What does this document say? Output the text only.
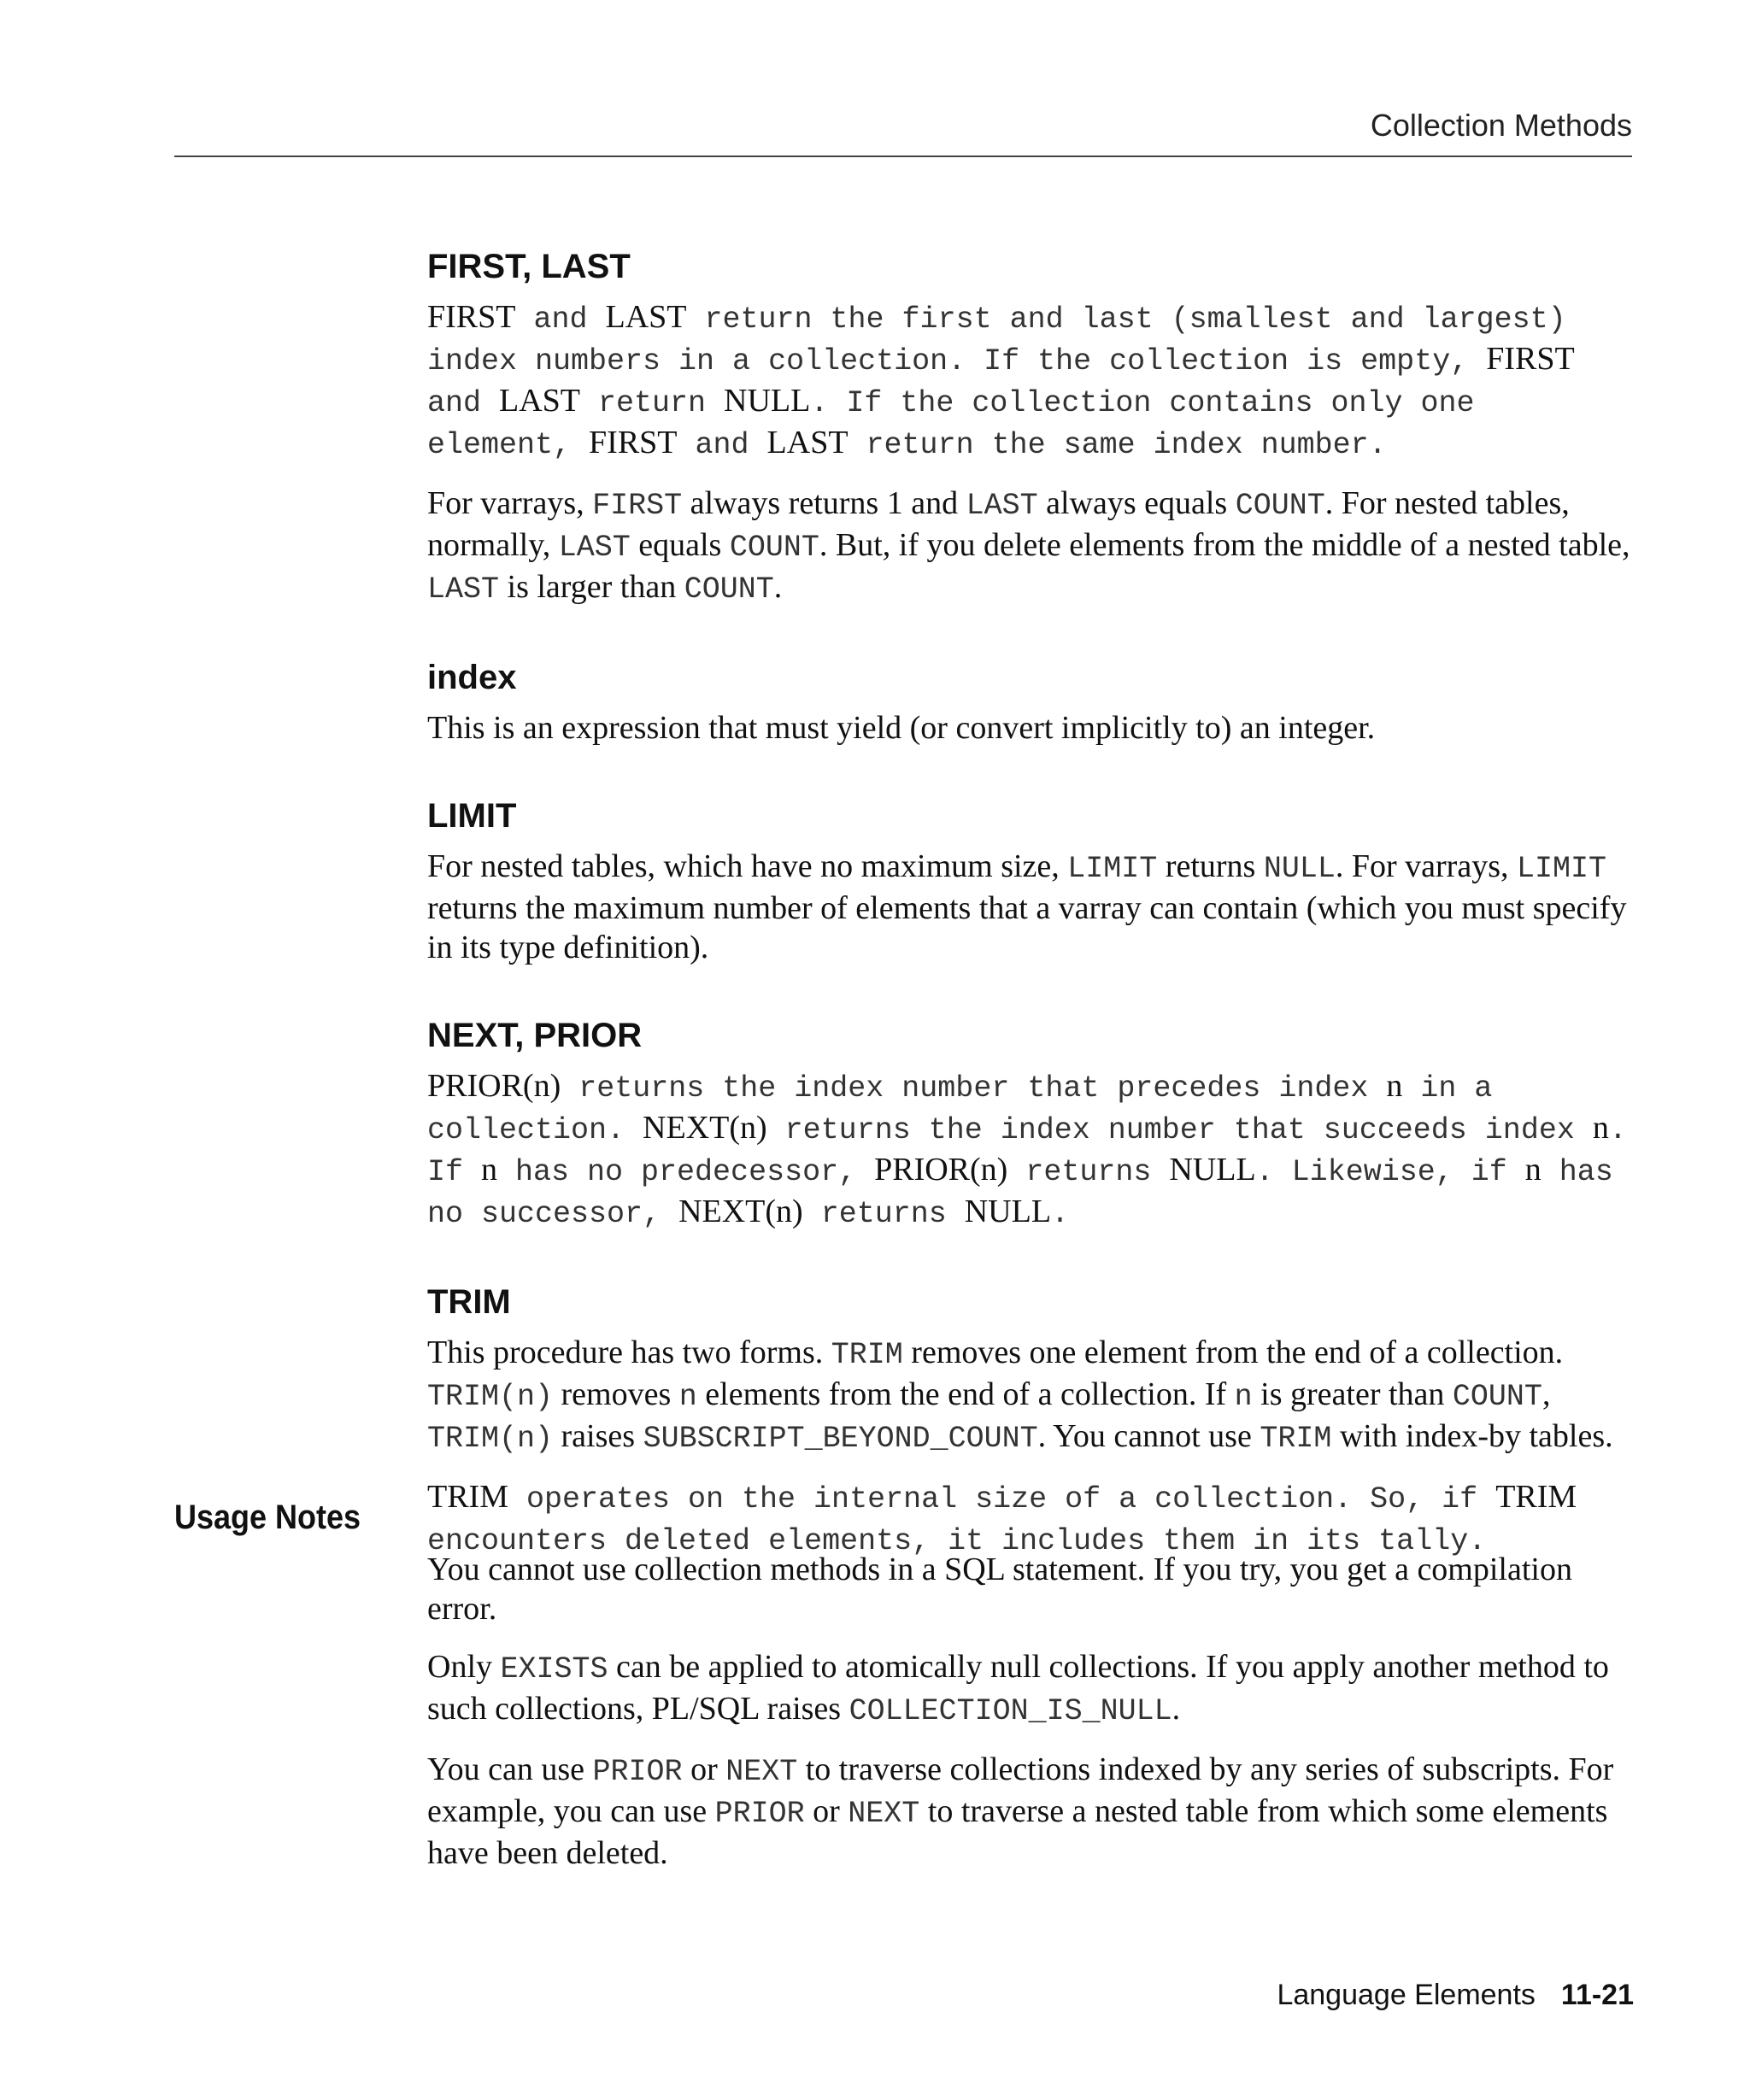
Collection Methods
FIRST, LAST

FIRST and LAST return the first and last (smallest and largest) index numbers in a collection. If the collection is empty, FIRST and LAST return NULL. If the collection contains only one element, FIRST and LAST return the same index number.

For varrays, FIRST always returns 1 and LAST always equals COUNT. For nested tables, normally, LAST equals COUNT. But, if you delete elements from the middle of a nested table, LAST is larger than COUNT.

index

This is an expression that must yield (or convert implicitly to) an integer.

LIMIT

For nested tables, which have no maximum size, LIMIT returns NULL. For varrays, LIMIT returns the maximum number of elements that a varray can contain (which you must specify in its type definition).

NEXT, PRIOR

PRIOR(n) returns the index number that precedes index n in a collection. NEXT(n) returns the index number that succeeds index n. If n has no predecessor, PRIOR(n) returns NULL. Likewise, if n has no successor, NEXT(n) returns NULL.

TRIM

This procedure has two forms. TRIM removes one element from the end of a collection. TRIM(n) removes n elements from the end of a collection. If n is greater than COUNT, TRIM(n) raises SUBSCRIPT_BEYOND_COUNT. You cannot use TRIM with index-by tables.

TRIM operates on the internal size of a collection. So, if TRIM encounters deleted elements, it includes them in its tally.

Usage Notes

You cannot use collection methods in a SQL statement. If you try, you get a compilation error.

Only EXISTS can be applied to atomically null collections. If you apply another method to such collections, PL/SQL raises COLLECTION_IS_NULL.

You can use PRIOR or NEXT to traverse collections indexed by any series of subscripts. For example, you can use PRIOR or NEXT to traverse a nested table from which some elements have been deleted.

Language Elements 11-21
